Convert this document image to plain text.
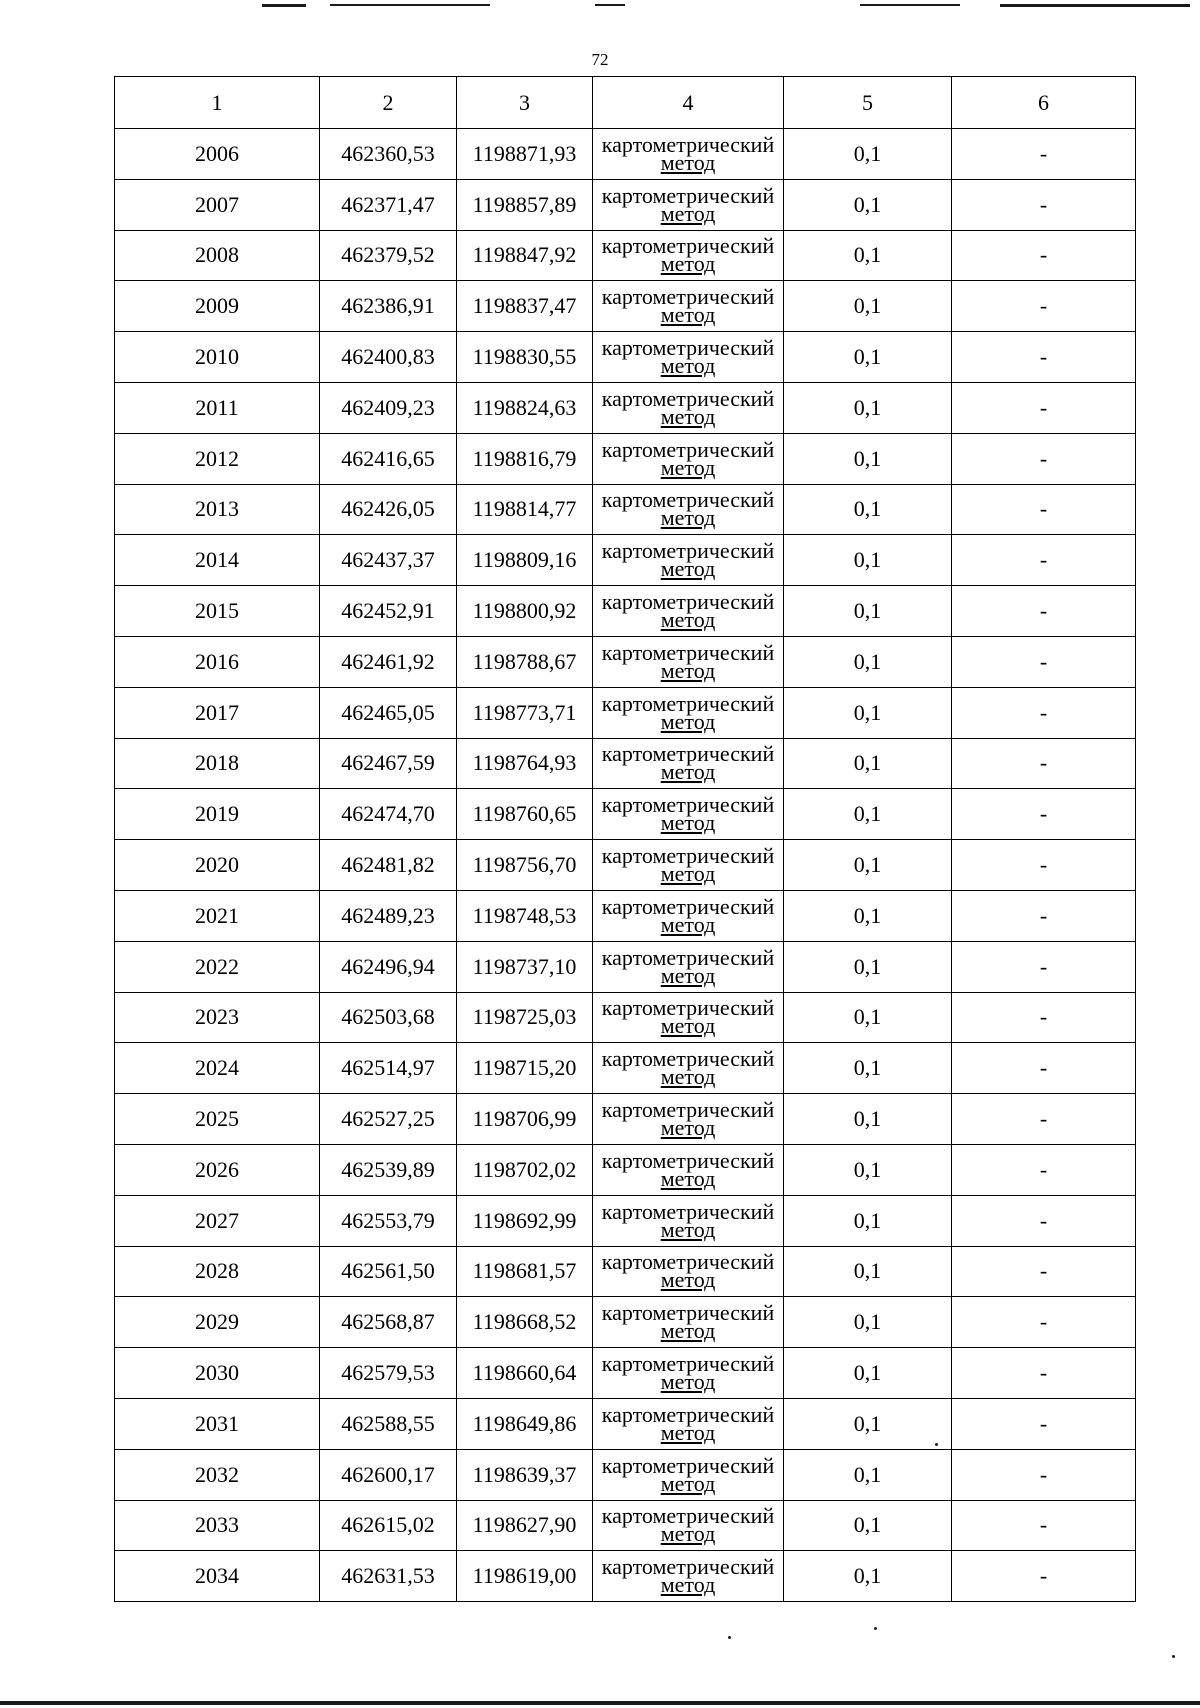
72
1	2	3	4	5	6
2006	462360,53	1198871,93	картометрический
метод	0,1	-
2007	462371,47	1198857,89	картометрический
метод	0,1	-
2008	462379,52	1198847,92	картометрический
метод	0,1	-
2009	462386,91	1198837,47	картометрический
метод	0,1	-
2010	462400,83	1198830,55	картометрический
метод	0,1	-
2011	462409,23	1198824,63	картометрический
метод	0,1	-
2012	462416,65	1198816,79	картометрический
метод	0,1	-
2013	462426,05	1198814,77	картометрический
метод	0,1	-
2014	462437,37	1198809,16	картометрический
метод	0,1	-
2015	462452,91	1198800,92	картометрический
метод	0,1	-
2016	462461,92	1198788,67	картометрический
метод	0,1	-
2017	462465,05	1198773,71	картометрический
метод	0,1	-
2018	462467,59	1198764,93	картометрический
метод	0,1	-
2019	462474,70	1198760,65	картометрический
метод	0,1	-
2020	462481,82	1198756,70	картометрический
метод	0,1	-
2021	462489,23	1198748,53	картометрический
метод	0,1	-
2022	462496,94	1198737,10	картометрический
метод	0,1	-
2023	462503,68	1198725,03	картометрический
метод	0,1	-
2024	462514,97	1198715,20	картометрический
метод	0,1	-
2025	462527,25	1198706,99	картометрический
метод	0,1	-
2026	462539,89	1198702,02	картометрический
метод	0,1	-
2027	462553,79	1198692,99	картометрический
метод	0,1	-
2028	462561,50	1198681,57	картометрический
метод	0,1	-
2029	462568,87	1198668,52	картометрический
метод	0,1	-
2030	462579,53	1198660,64	картометрический
метод	0,1	-
2031	462588,55	1198649,86	картометрический
метод	0,1	-
2032	462600,17	1198639,37	картометрический
метод	0,1	-
2033	462615,02	1198627,90	картометрический
метод	0,1	-
2034	462631,53	1198619,00	картометрический
метод	0,1	-
